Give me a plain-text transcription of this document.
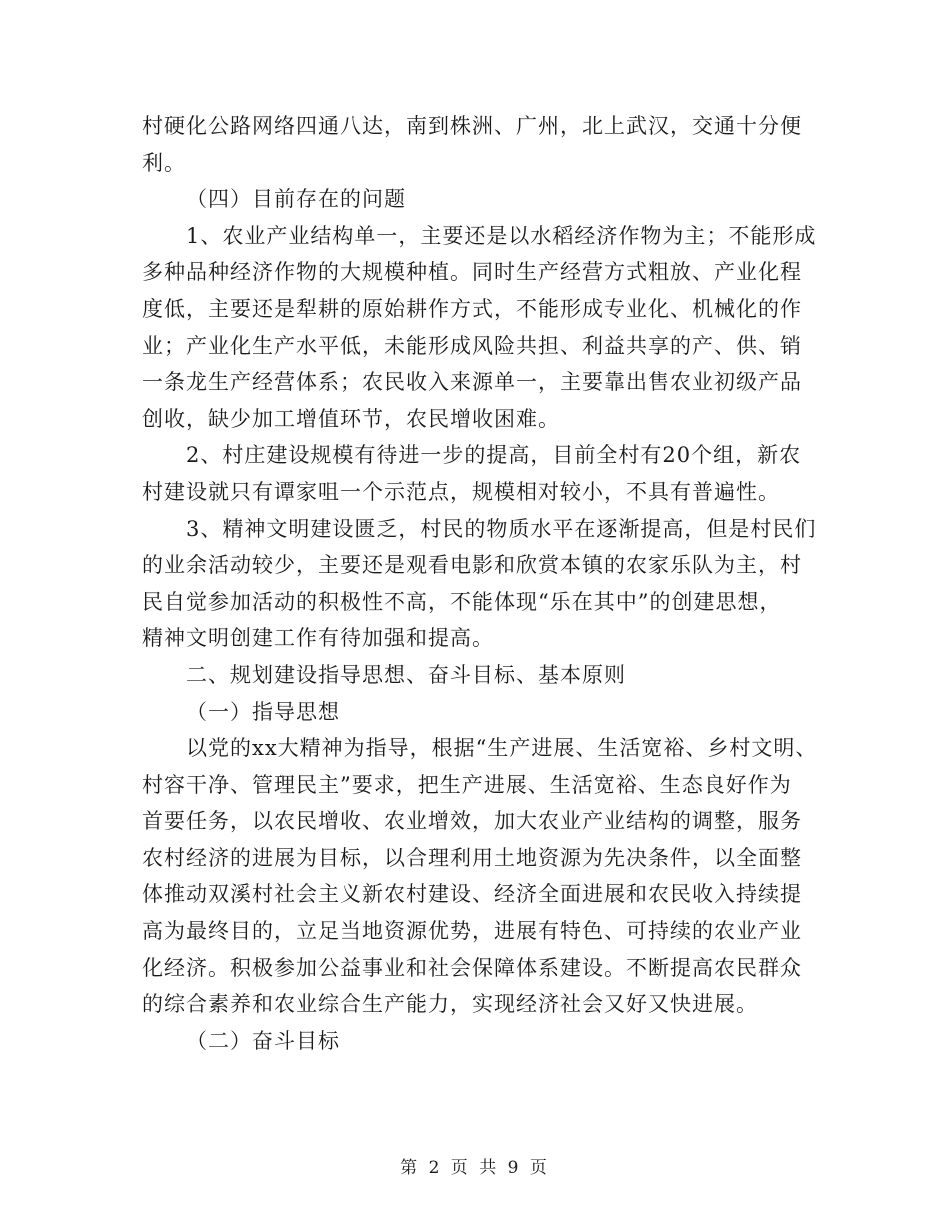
村硬化公路网络四通八达，南到株洲、广州，北上武汉，交通十分便
利。
（四）目前存在的问题
1、农业产业结构单一，主要还是以水稻经济作物为主；不能形成
多种品种经济作物的大规模种植。同时生产经营方式粗放、产业化程
度低，主要还是犁耕的原始耕作方式，不能形成专业化、机械化的作
业；产业化生产水平低，未能形成风险共担、利益共享的产、供、销
一条龙生产经营体系；农民收入来源单一，主要靠出售农业初级产品
创收，缺少加工增值环节，农民增收困难。
2、村庄建设规模有待进一步的提高，目前全村有20个组，新农
村建设就只有谭家咀一个示范点，规模相对较小，不具有普遍性。
3、精神文明建设匮乏，村民的物质水平在逐渐提高，但是村民们
的业余活动较少，主要还是观看电影和欣赏本镇的农家乐队为主，村
民自觉参加活动的积极性不高，不能体现“乐在其中”的创建思想，
精神文明创建工作有待加强和提高。
二、规划建设指导思想、奋斗目标、基本原则
（一）指导思想
以党的xx大精神为指导，根据“生产进展、生活宽裕、乡村文明、
村容干净、管理民主”要求，把生产进展、生活宽裕、生态良好作为
首要任务，以农民增收、农业增效，加大农业产业结构的调整，服务
农村经济的进展为目标，以合理利用土地资源为先决条件，以全面整
体推动双溪村社会主义新农村建设、经济全面进展和农民收入持续提
高为最终目的，立足当地资源优势，进展有特色、可持续的农业产业
化经济。积极参加公益事业和社会保障体系建设。不断提高农民群众
的综合素养和农业综合生产能力，实现经济社会又好又快进展。
（二）奋斗目标
第 2 页 共 9 页
